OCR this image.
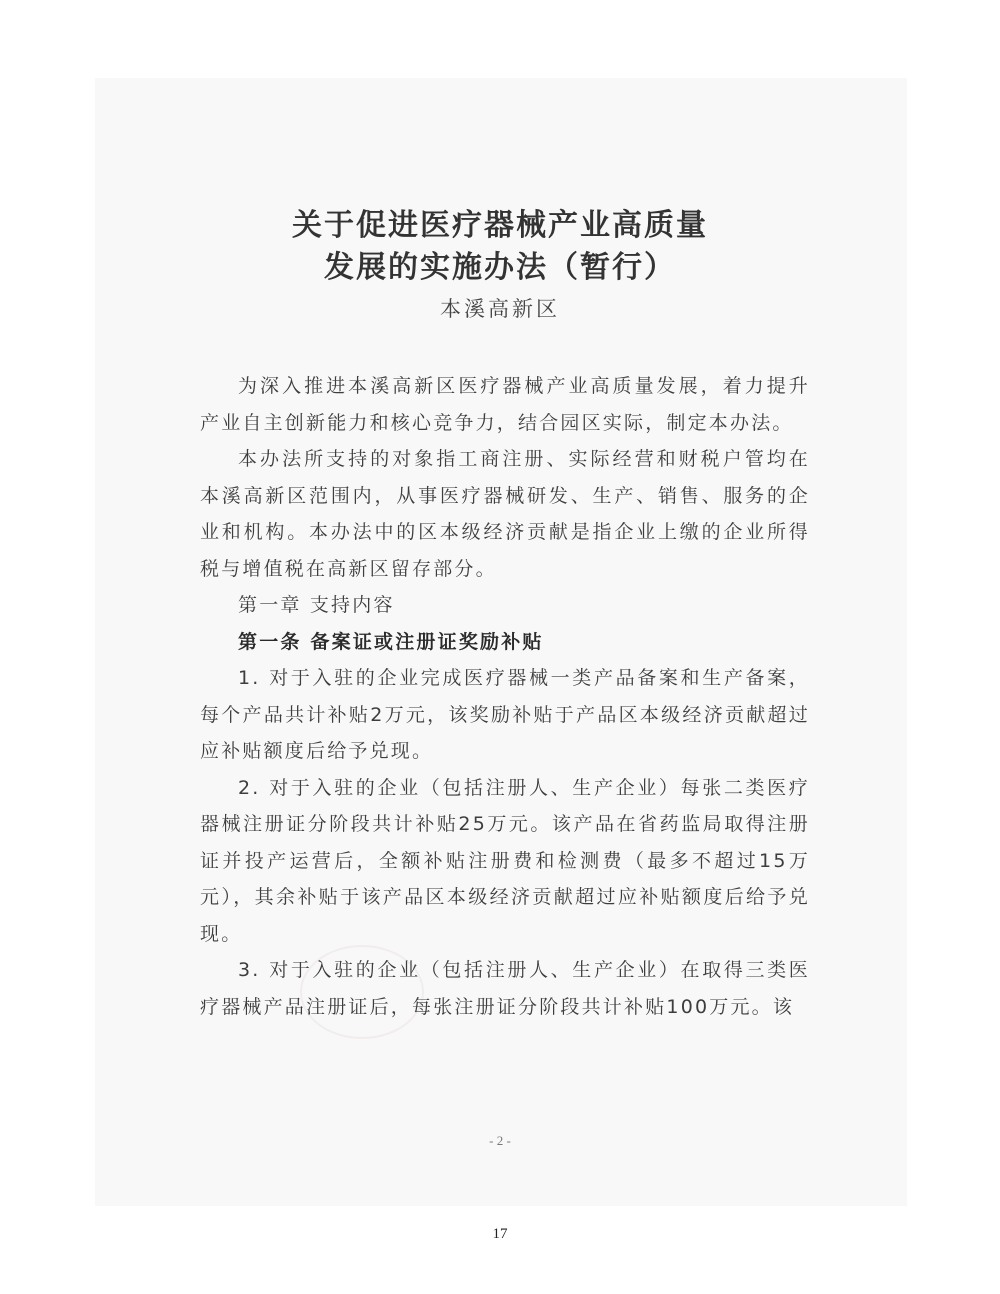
关于促进医疗器械产业高质量
发展的实施办法（暂行）
本溪高新区

为深入推进本溪高新区医疗器械产业高质量发展，着力提升产业自主创新能力和核心竞争力，结合园区实际，制定本办法。

本办法所支持的对象指工商注册、实际经营和财税户管均在本溪高新区范围内，从事医疗器械研发、生产、销售、服务的企业和机构。本办法中的区本级经济贡献是指企业上缴的企业所得税与增值税在高新区留存部分。

第一章 支持内容

第一条 备案证或注册证奖励补贴

1. 对于入驻的企业完成医疗器械一类产品备案和生产备案，每个产品共计补贴2万元，该奖励补贴于产品区本级经济贡献超过应补贴额度后给予兑现。

2. 对于入驻的企业（包括注册人、生产企业）每张二类医疗器械注册证分阶段共计补贴25万元。该产品在省药监局取得注册证并投产运营后，全额补贴注册费和检测费（最多不超过15万元），其余补贴于该产品区本级经济贡献超过应补贴额度后给予兑现。

3. 对于入驻的企业（包括注册人、生产企业）在取得三类医疗器械产品注册证后，每张注册证分阶段共计补贴100万元。该

- 2 -
17
